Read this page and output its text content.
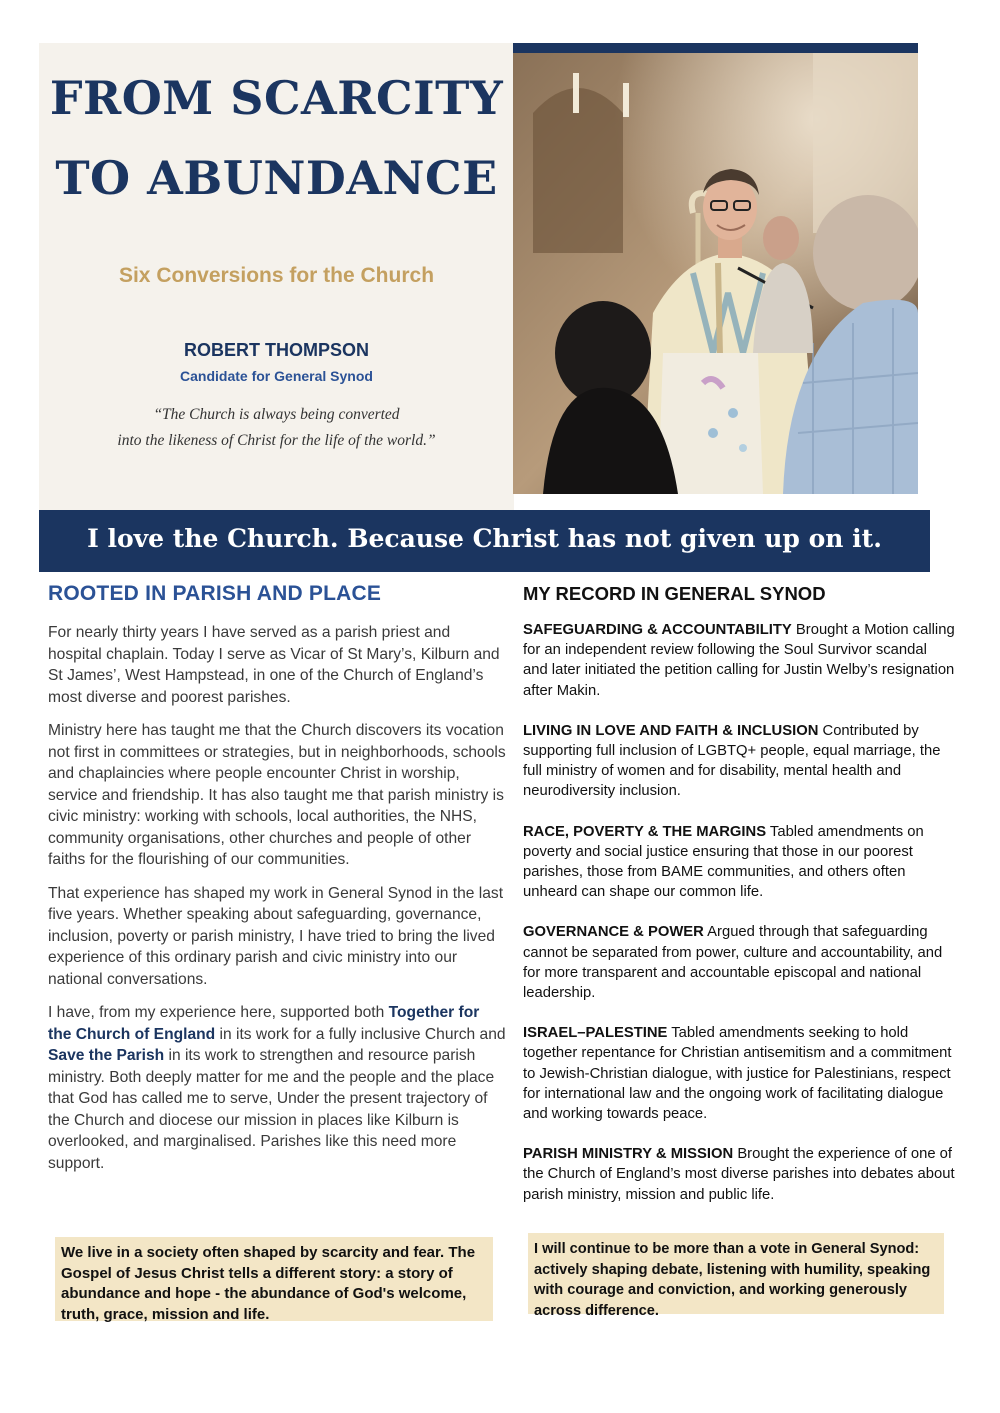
FROM SCARCITY
TO ABUNDANCE
Six Conversions for the Church
ROBERT THOMPSON
Candidate for General Synod
“The Church is always being converted
into the likeness of Christ for the life of the world.”
I love the Church. Because Christ has not given up on it.
ROOTED IN PARISH AND PLACE

For nearly thirty years I have served as a parish priest and hospital chaplain. Today I serve as Vicar of St Mary’s, Kilburn and St James’, West Hampstead, in one of the Church of England’s most diverse and poorest parishes.

Ministry here has taught me that the Church discovers its vocation not first in committees or strategies, but in neighborhoods, schools and chaplaincies where people encounter Christ in worship, service and friendship. It has also taught me that parish ministry is civic ministry: working with schools, local authorities, the NHS, community organisations, other churches and people of other faiths for the flourishing of our communities.

That experience has shaped my work in General Synod in the last five years. Whether speaking about safeguarding, governance, inclusion, poverty or parish ministry, I have tried to bring the lived experience of this ordinary parish and civic ministry into our national conversations.

I have, from my experience here, supported both Together for the Church of England in its work for a fully inclusive Church and Save the Parish in its work to strengthen and resource parish ministry. Both deeply matter for me and the people and the place that God has called me to serve, Under the present trajectory of the Church and diocese our mission in places like Kilburn is overlooked, and marginalised. Parishes like this need more support.

We live in a society often shaped by scarcity and fear. The Gospel of Jesus Christ tells a different story: a story of abundance and hope - the abundance of God's welcome, truth, grace, mission and life.
MY RECORD IN GENERAL SYNOD
SAFEGUARDING & ACCOUNTABILITY Brought a Motion calling for an independent review following the Soul Survivor scandal and later initiated the petition calling for Justin Welby’s resignation after Makin.
LIVING IN LOVE AND FAITH & INCLUSION Contributed by supporting full inclusion of LGBTQ+ people, equal marriage, the full ministry of women and for disability, mental health and neurodiversity inclusion.
RACE, POVERTY & THE MARGINS Tabled amendments on poverty and social justice ensuring that those in our poorest parishes, those from BAME communities, and others often unheard can shape our common life.
GOVERNANCE & POWER Argued through that safeguarding cannot be separated from power, culture and accountability, and for more transparent and accountable episcopal and national leadership.
ISRAEL–PALESTINE Tabled amendments seeking to hold together repentance for Christian antisemitism and a commitment to Jewish-Christian dialogue, with justice for Palestinians, respect for international law and the ongoing work of facilitating dialogue and working towards peace.
PARISH MINISTRY & MISSION Brought the experience of one of the Church of England’s most diverse parishes into debates about parish ministry, mission and public life.
I will continue to be more than a vote in General Synod: actively shaping debate, listening with humility, speaking with courage and conviction, and working generously across difference.
